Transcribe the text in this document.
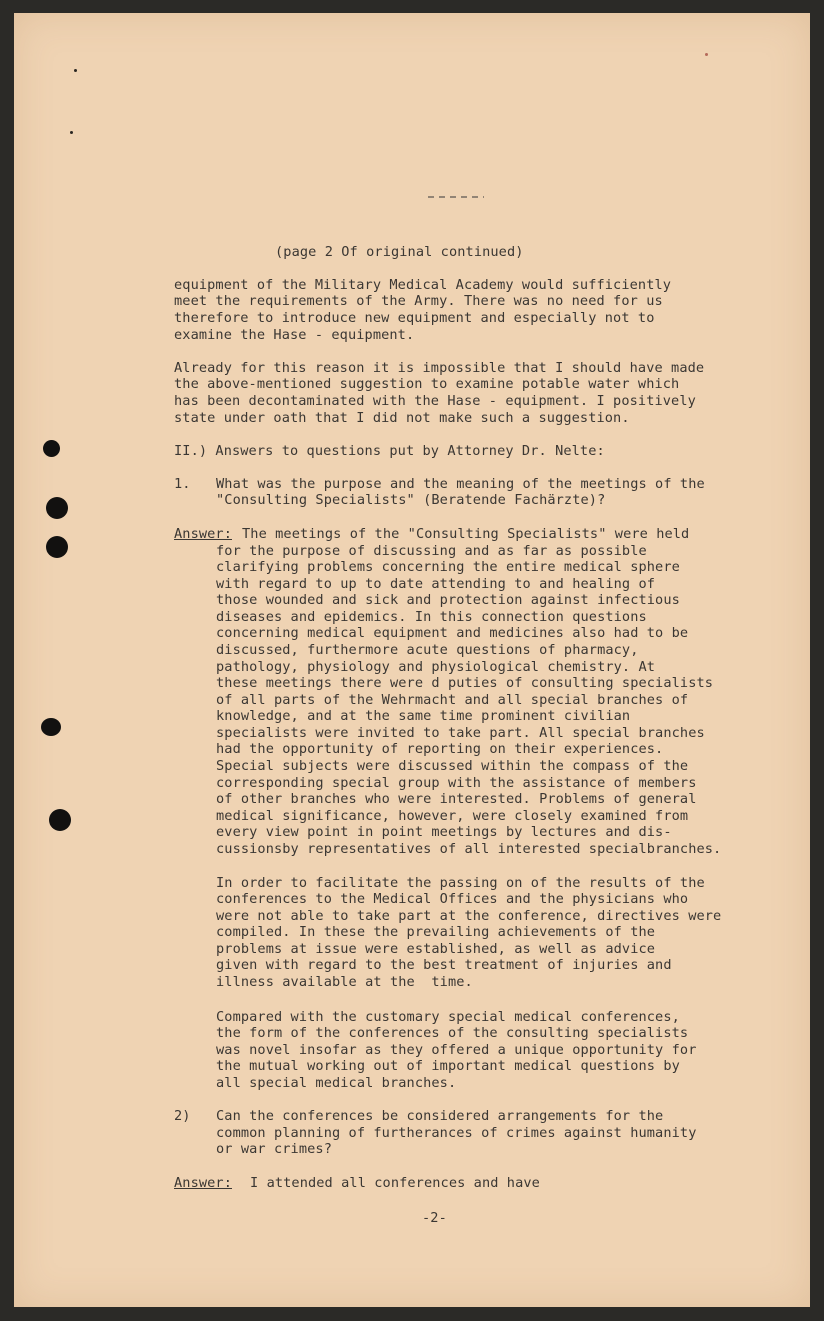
(page 2 Of original continued)

equipment of the Military Medical Academy would sufficiently

meet the requirements of the Army. There was no need for us

therefore to introduce new equipment and especially not to

examine the Hase - equipment.

Already for this reason it is impossible that I should have made

the above-mentioned suggestion to examine potable water which

has been decontaminated with the Hase - equipment. I positively

state under oath that I did not make such a suggestion.

II.) Answers to questions put by Attorney Dr. Nelte:

1. What was the purpose and the meaning of the meetings of the

"Consulting Specialists" (Beratende Fachärzte)?

Answer: The meetings of the "Consulting Specialists" were held

for the purpose of discussing and as far as possible

clarifying problems concerning the entire medical sphere

with regard to up to date attending to and healing of

those wounded and sick and protection against infectious

diseases and epidemics. In this connection questions

concerning medical equipment and medicines also had to be

discussed, furthermore acute questions of pharmacy,

pathology, physiology and physiological chemistry. At

these meetings there were d puties of consulting specialists

of all parts of the Wehrmacht and all special branches of

knowledge, and at the same time prominent civilian

specialists were invited to take part. All special branches

had the opportunity of reporting on their experiences.

Special subjects were discussed within the compass of the

corresponding special group with the assistance of members

of other branches who were interested. Problems of general

medical significance, however, were closely examined from

every view point in point meetings by lectures and dis-

cussionsby representatives of all interested specialbranches.

In order to facilitate the passing on of the results of the

conferences to the Medical Offices and the physicians who

were not able to take part at the conference, directives were

compiled. In these the prevailing achievements of the

problems at issue were established, as well as advice

given with regard to the best treatment of injuries and

illness available at the  time.

Compared with the customary special medical conferences,

the form of the conferences of the consulting specialists

was novel insofar as they offered a unique opportunity for

the mutual working out of important medical questions by

all special medical branches.

2) Can the conferences be considered arrangements for the

common planning of furtherances of crimes against humanity

or war crimes?

Answer: I attended all conferences and have

-2-
